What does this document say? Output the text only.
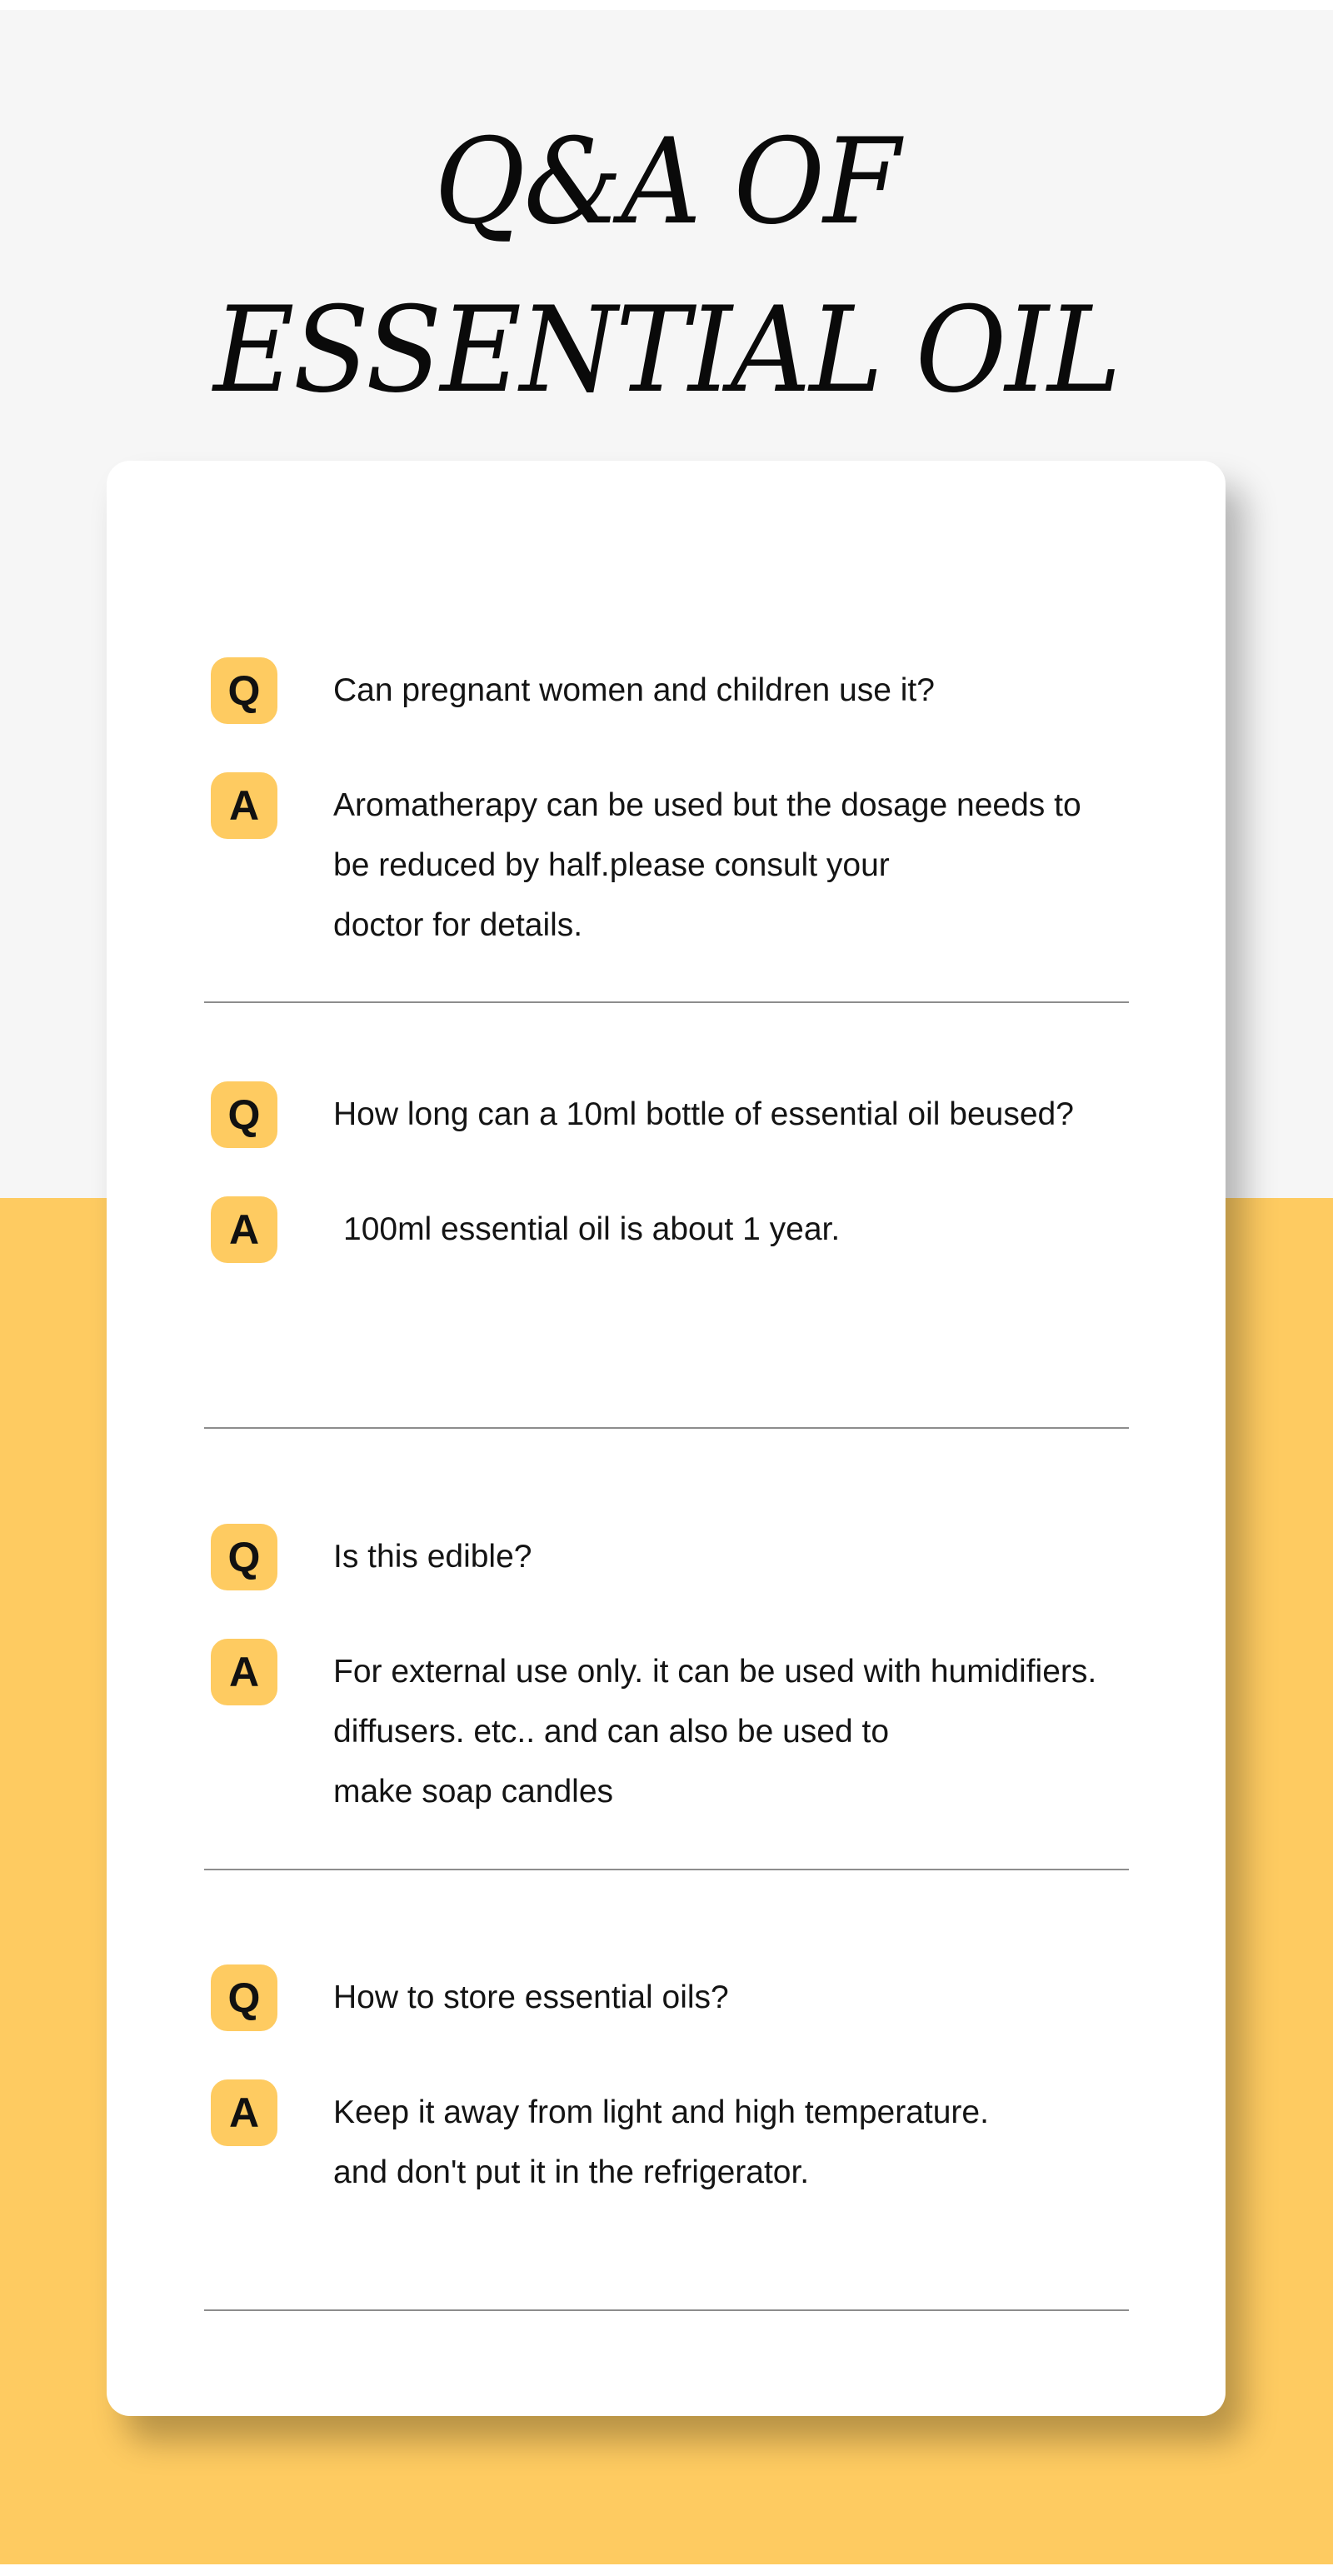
Q&A OF
ESSENTIAL OIL
Q	Can pregnant women and children use it?

A	Aromatherapy can be used but the dosage needs to
be reduced by half.please consult your
doctor for details.

Q	How long can a 10ml bottle of essential oil beused?

A	100ml essential oil is about 1 year.

Q	Is this edible?

A	For external use only. it can be used with humidifiers.
diffusers. etc.. and can also be used to
make soap candles

Q	How to store essential oils?

A	Keep it away from light and high temperature.
and don't put it in the refrigerator.
